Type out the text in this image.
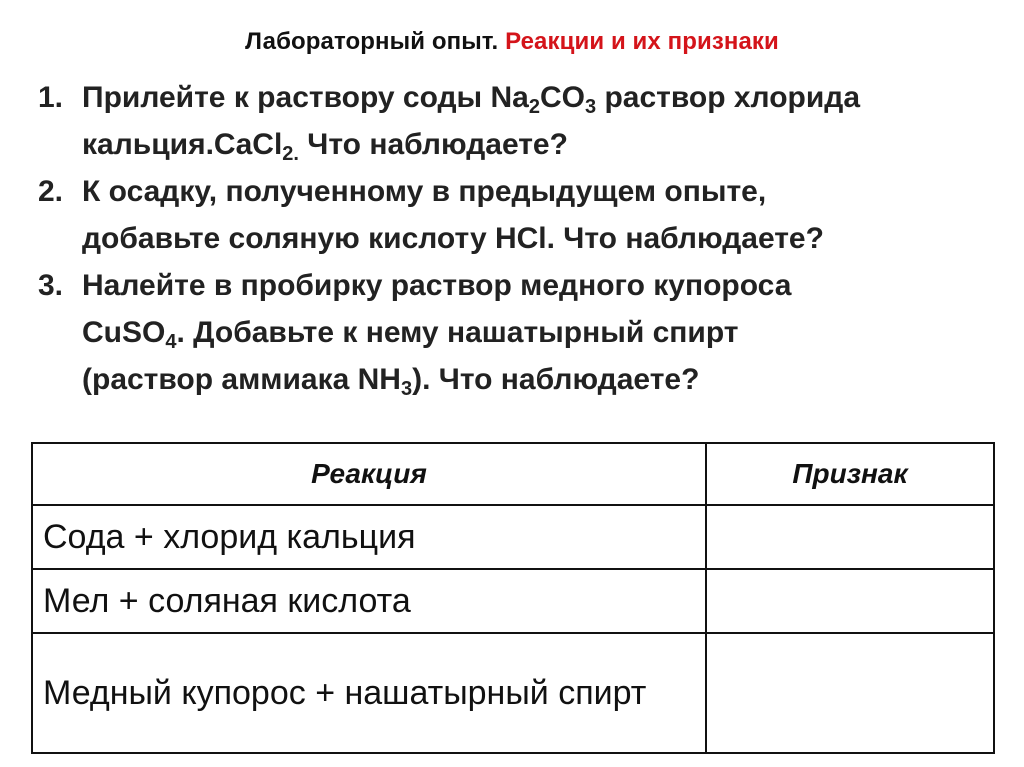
Лабораторный опыт. Реакции и их признаки
1. Прилейте к раствору соды $Na_2CO_3$ раствор хлорида
кальция.CaCl$_{2.}$ Что наблюдаете?
2. К осадку, полученному в предыдущем опыте,
добавьте соляную кислоту HCl. Что наблюдаете?
3. Налейте в пробирку раствор медного купороса
CuSO$_4$. Добавьте к нему нашатырный спирт
(раствор аммиака $NH_3$). Что наблюдаете?
Реакция	Признак
Сода + хлорид кальция	
Мел + соляная кислота	
Медный купорос + нашатырный спирт	
